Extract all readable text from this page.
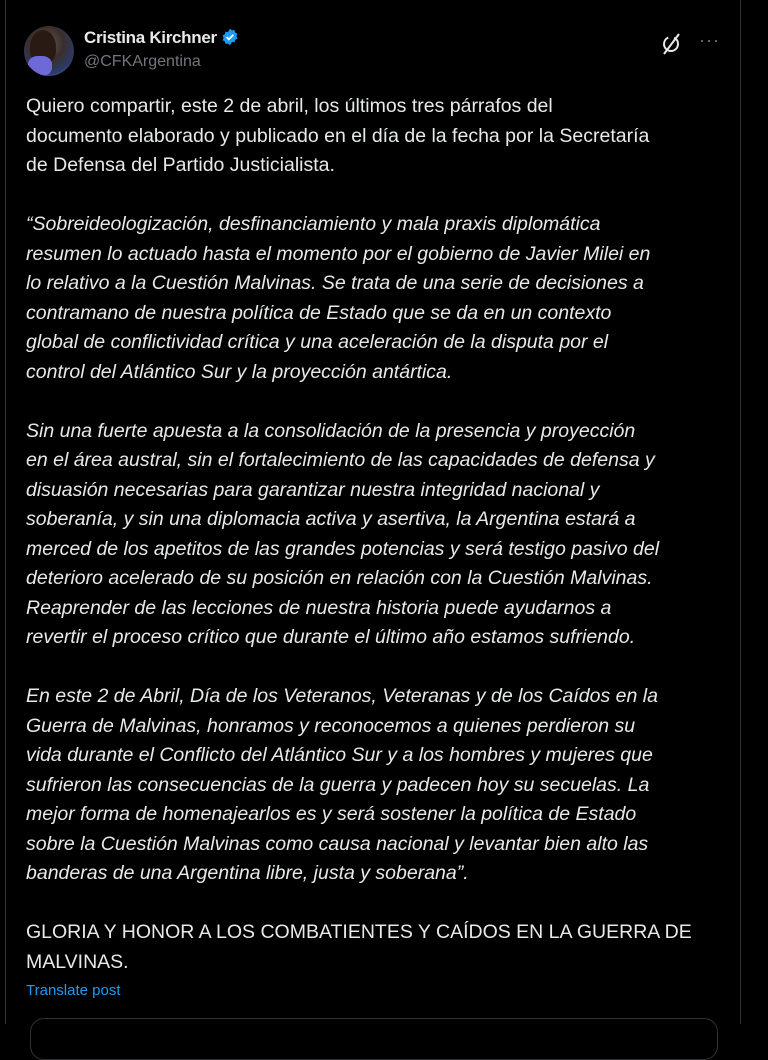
Cristina Kirchner
@CFKArgentina
···
Quiero compartir, este 2 de abril, los últimos tres párrafos del
documento elaborado y publicado en el día de la fecha por la Secretaría
de Defensa del Partido Justicialista.
“Sobreideologización, desfinanciamiento y mala praxis diplomática
resumen lo actuado hasta el momento por el gobierno de Javier Milei en
lo relativo a la Cuestión Malvinas. Se trata de una serie de decisiones a
contramano de nuestra política de Estado que se da en un contexto
global de conflictividad crítica y una aceleración de la disputa por el
control del Atlántico Sur y la proyección antártica.
Sin una fuerte apuesta a la consolidación de la presencia y proyección
en el área austral, sin el fortalecimiento de las capacidades de defensa y
disuasión necesarias para garantizar nuestra integridad nacional y
soberanía, y sin una diplomacia activa y asertiva, la Argentina estará a
merced de los apetitos de las grandes potencias y será testigo pasivo del
deterioro acelerado de su posición en relación con la Cuestión Malvinas.
Reaprender de las lecciones de nuestra historia puede ayudarnos a
revertir el proceso crítico que durante el último año estamos sufriendo.
En este 2 de Abril, Día de los Veteranos, Veteranas y de los Caídos en la
Guerra de Malvinas, honramos y reconocemos a quienes perdieron su
vida durante el Conflicto del Atlántico Sur y a los hombres y mujeres que
sufrieron las consecuencias de la guerra y padecen hoy su secuelas. La
mejor forma de homenajearlos es y será sostener la política de Estado
sobre la Cuestión Malvinas como causa nacional y levantar bien alto las
banderas de una Argentina libre, justa y soberana”.
GLORIA Y HONOR A LOS COMBATIENTES Y CAÍDOS EN LA GUERRA DE
MALVINAS.
Translate post
